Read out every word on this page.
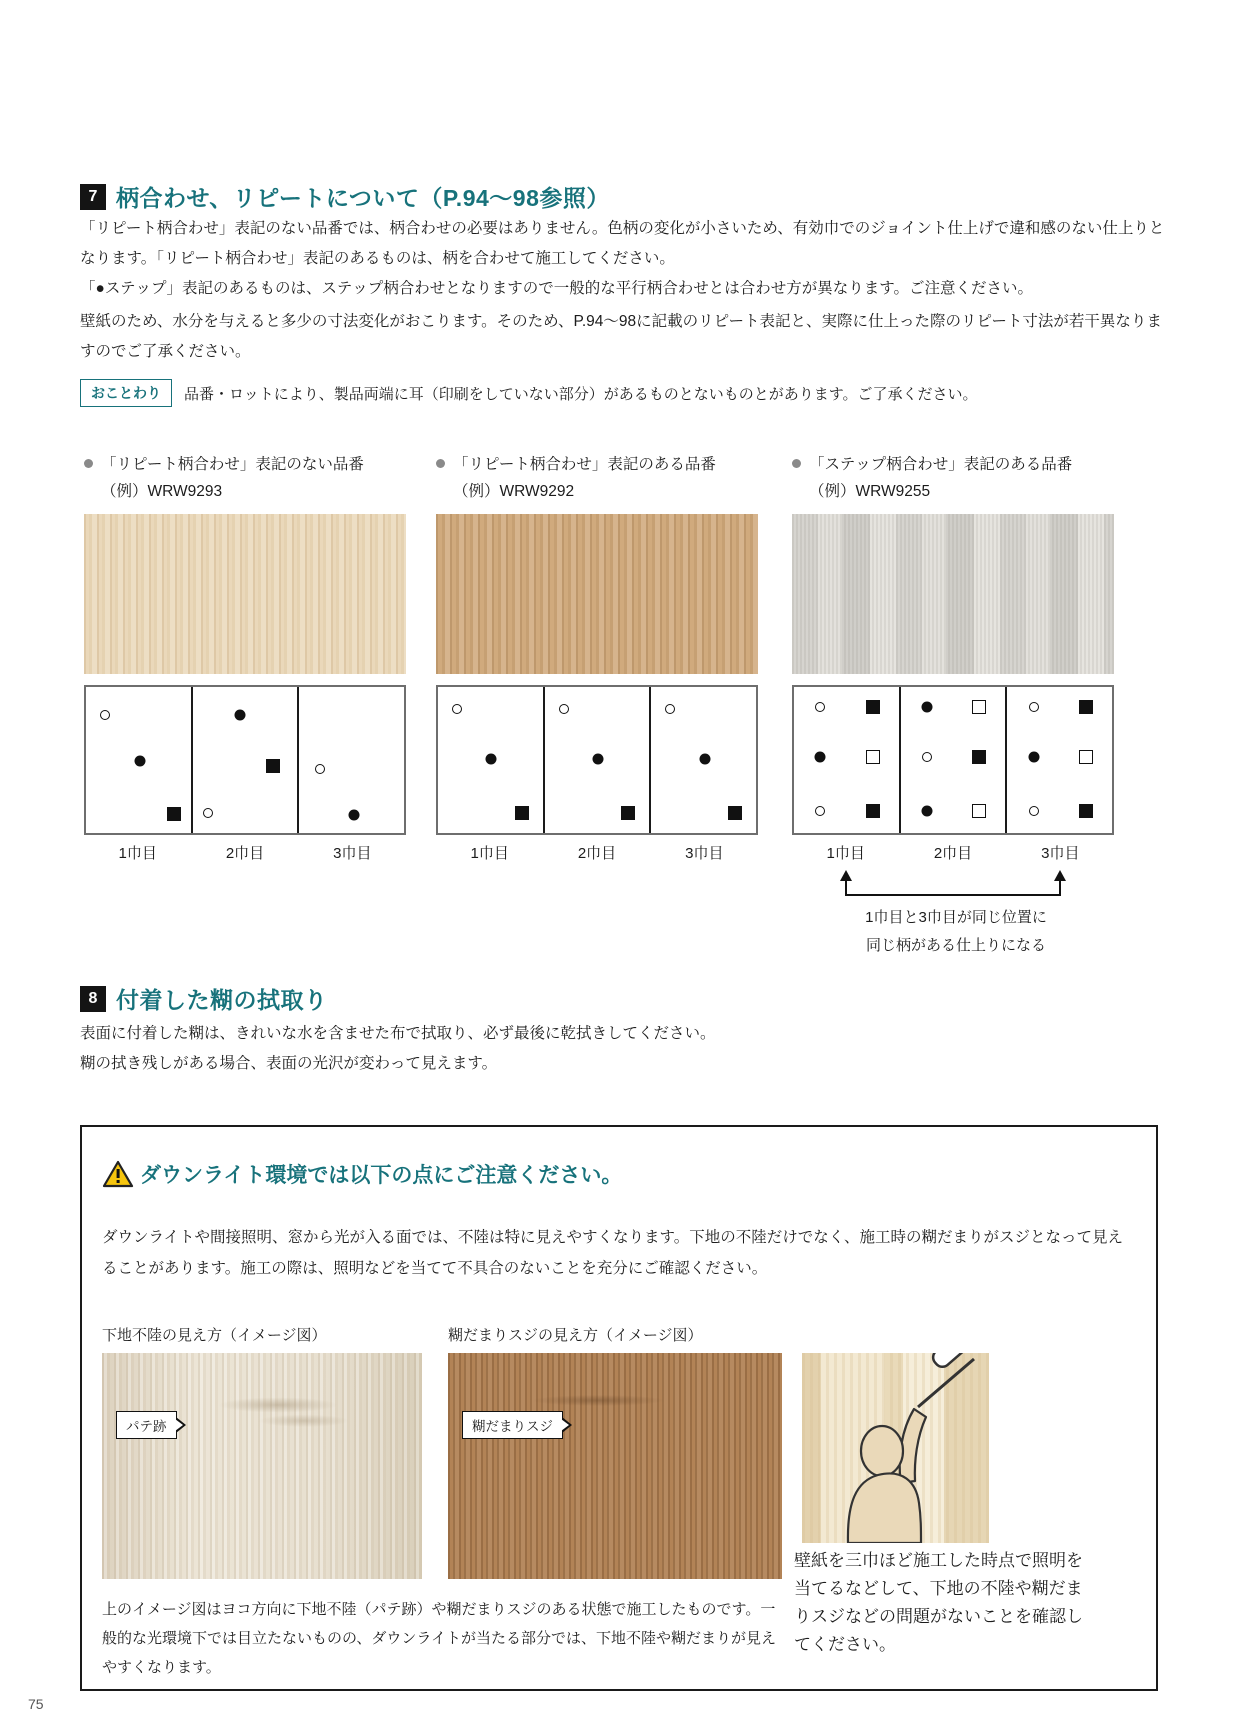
7 柄合わせ、リピートについて（P.94〜98参照）

「リピート柄合わせ」表記のない品番では、柄合わせの必要はありません。色柄の変化が小さいため、有効巾でのジョイント仕上げで違和感のない仕上りとなります。「リピート柄合わせ」表記のあるものは、柄を合わせて施工してください。

「●ステップ」表記のあるものは、ステップ柄合わせとなりますので一般的な平行柄合わせとは合わせ方が異なります。ご注意ください。

壁紙のため、水分を与えると多少の寸法変化がおこります。そのため、P.94〜98に記載のリピート表記と、実際に仕上った際のリピート寸法が若干異なりますのでご了承ください。

おことわり	品番・ロットにより、製品両端に耳（印刷をしていない部分）があるものとないものとがあります。ご了承ください。
「リピート柄合わせ」表記のない品番
（例）WRW9293
1巾目	2巾目	3巾目
「リピート柄合わせ」表記のある品番
（例）WRW9292
1巾目	2巾目	3巾目
「ステップ柄合わせ」表記のある品番
（例）WRW9255
1巾目	2巾目	3巾目
1巾目と3巾目が同じ位置に
同じ柄がある仕上りになる
8 付着した糊の拭取り

表面に付着した糊は、きれいな水を含ませた布で拭取り、必ず最後に乾拭きしてください。

糊の拭き残しがある場合、表面の光沢が変わって見えます。

ダウンライト環境では以下の点にご注意ください。
ダウンライトや間接照明、窓から光が入る面では、不陸は特に見えやすくなります。下地の不陸だけでなく、施工時の糊だまりがスジとなって見えることがあります。施工の際は、照明などを当てて不具合のないことを充分にご確認ください。
下地不陸の見え方（イメージ図）	糊だまりスジの見え方（イメージ図）
パテ跡	糊だまりスジ
上のイメージ図はヨコ方向に下地不陸（パテ跡）や糊だまりスジのある状態で施工したものです。一般的な光環境下では目立たないものの、ダウンライトが当たる部分では、下地不陸や糊だまりが見えやすくなります。
壁紙を三巾ほど施工した時点で照明を当てるなどして、下地の不陸や糊だまりスジなどの問題がないことを確認してください。
75
